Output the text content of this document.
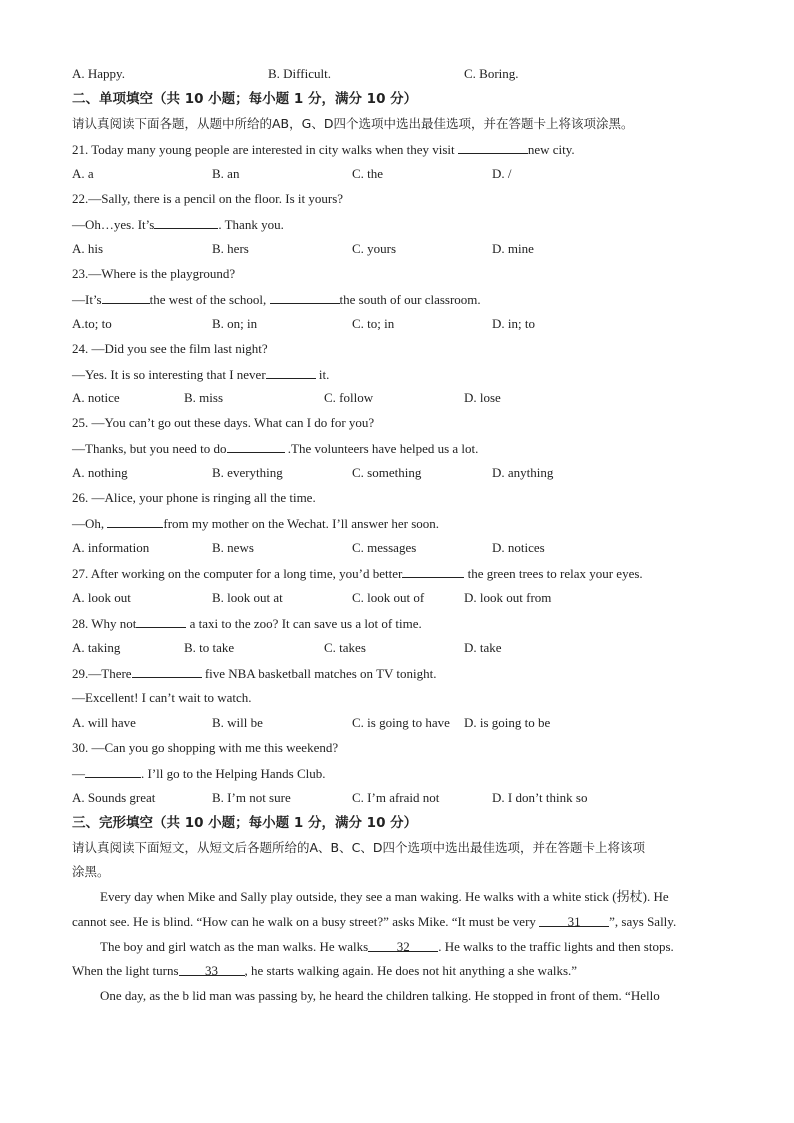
A. Happy.	B. Difficult.	C. Boring.
二、单项填空（共 10 小题；每小题 1 分，满分 10 分）
请认真阅读下面各题，从题中所给的AB，G、D四个选项中选出最佳选项，并在答题卡上将该项涂黑。
21. Today many young people are interested in city walks when they visit	new city.
A. a	B. an	C. the	D. /
22.—Sally, there is a pencil on the floor. Is it yours?
—Oh…yes. It’s	. Thank you.
A. his	B. hers	C. yours	D. mine
23.—Where is the playground?
—It’s	the west of the school,	the south of our classroom.
A.to; to	B. on; in	C. to; in	D. in; to
24. —Did you see the film last night?
—Yes. It is so interesting that I never	it.
A. notice	B. miss	C. follow	D. lose
25. —You can’t go out these days. What can I do for you?
—Thanks, but you need to do	.The volunteers have helped us a lot.
A. nothing	B. everything	C. something	D. anything
26. —Alice, your phone is ringing all the time.
—Oh,	from my mother on the Wechat. I’ll answer her soon.
A. information	B. news	C. messages	D. notices
27. After working on the computer for a long time, you’d better	the green trees to relax your eyes.
A. look out	B. look out at	C. look out of	D. look out from
28. Why not	a taxi to the zoo? It can save us a lot of time.
A. taking	B. to take	C. takes	D. take
29.—There	five NBA basketball matches on TV tonight.
—Excellent! I can’t wait to watch.
A. will have	B. will be	C. is going to have D. is going to be
30. —Can you go shopping with me this weekend?
—	. I’ll go to the Helping Hands Club.
A. Sounds great	B. I’m not sure	C. I’m afraid not	D. I don’t think so
三、完形填空（共 10 小题；每小题 1 分，满分 10 分）
请认真阅读下面短文，从短文后各题所给的A、B、C、D四个选项中选出最佳选项，并在答题卡上将该项
涂黑。
Every day when Mike and Sally play outside, they see a man waking. He walks with a white stick (拐杖). He
cannot see. He is blind. “How can he walk on a busy street?” asks Mike. “It must be very 31 ”, says Sally.
The boy and girl watch as the man walks. He walks 32 . He walks to the traffic lights and then stops.
When the light turns 33 , he starts walking again. He does not hit anything a she walks.”
One day, as the b lid man was passing by, he heard the children talking. He stopped in front of them. “Hello
